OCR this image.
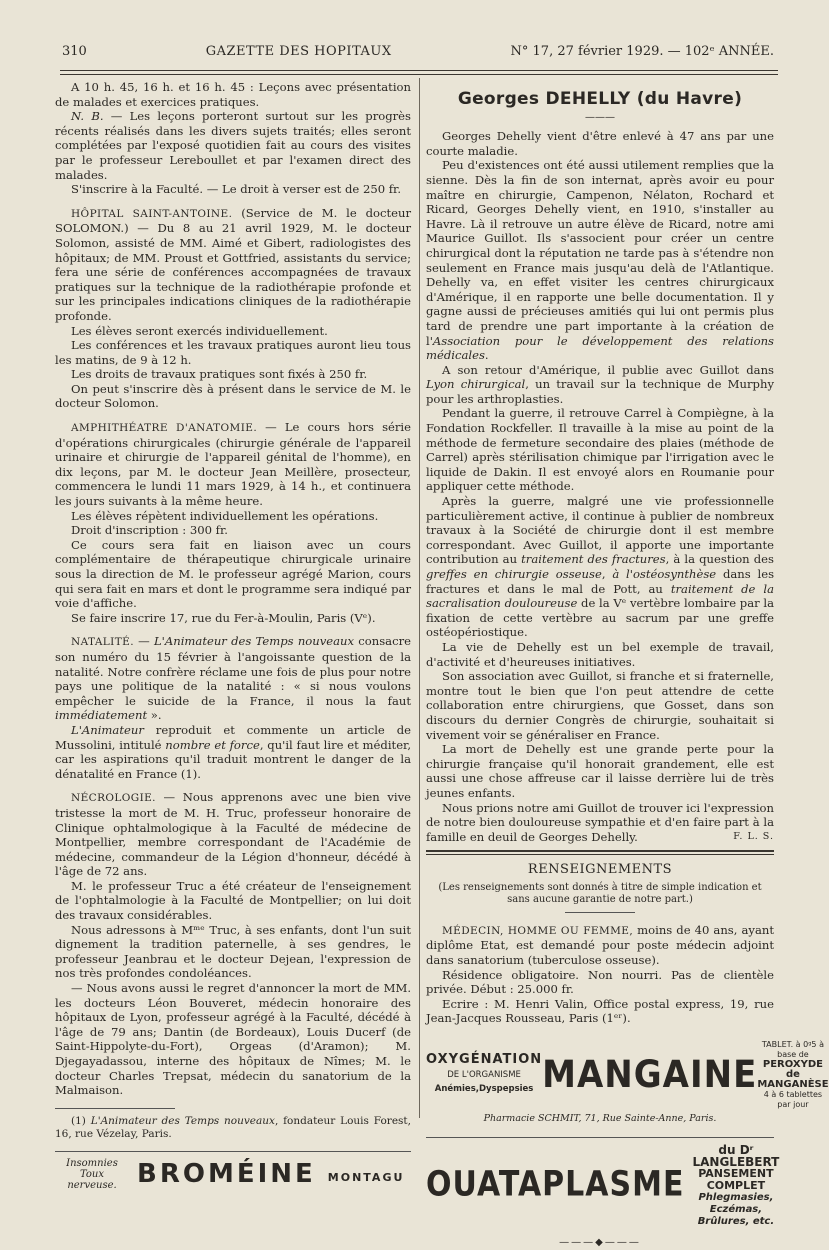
310	GAZETTE DES HOPITAUX	N° 17, 27 février 1929. — 102ᵉ ANNÉE.

A 10 h. 45, 16 h. et 16 h. 45 : Leçons avec présentation de malades et exercices pratiques.

N. B. — Les leçons porteront surtout sur les progrès récents réalisés dans les divers sujets traités; elles seront complétées par l'exposé quotidien fait au cours des visites par le professeur Lereboullet et par l'examen direct des malades.

S'inscrire à la Faculté. — Le droit à verser est de 250 fr.

HÔPITAL SAINT-ANTOINE. (Service de M. le docteur SOLOMON.) — Du 8 au 21 avril 1929, M. le docteur Solomon, assisté de MM. Aimé et Gibert, radiologistes des hôpitaux; de MM. Proust et Gottfried, assistants du service; fera une série de conférences accompagnées de travaux pratiques sur la technique de la radiothérapie profonde et sur les principales indications cliniques de la radiothérapie profonde.

Les élèves seront exercés individuellement.

Les conférences et les travaux pratiques auront lieu tous les matins, de 9 à 12 h.

Les droits de travaux pratiques sont fixés à 250 fr.

On peut s'inscrire dès à présent dans le service de M. le docteur Solomon.

AMPHITHÉATRE D'ANATOMIE. — Le cours hors série d'opérations chirurgicales (chirurgie générale de l'appareil urinaire et chirurgie de l'appareil génital de l'homme), en dix leçons, par M. le docteur Jean Meillère, prosecteur, commencera le lundi 11 mars 1929, à 14 h., et continuera les jours suivants à la même heure.

Les élèves répètent individuellement les opérations.

Droit d'inscription : 300 fr.

Ce cours sera fait en liaison avec un cours complémentaire de thérapeutique chirurgicale urinaire sous la direction de M. le professeur agrégé Marion, cours qui sera fait en mars et dont le programme sera indiqué par voie d'affiche.

Se faire inscrire 17, rue du Fer-à-Moulin, Paris (Vᵉ).

NATALITÉ. — L'Animateur des Temps nouveaux consacre son numéro du 15 février à l'angoissante question de la natalité. Notre confrère réclame une fois de plus pour notre pays une politique de la natalité : « si nous voulons empêcher le suicide de la France, il nous la faut immédiatement ».

L'Animateur reproduit et commente un article de Mussolini, intitulé nombre et force, qu'il faut lire et méditer, car les aspirations qu'il traduit montrent le danger de la dénatalité en France (1).

NÉCROLOGIE. — Nous apprenons avec une bien vive tristesse la mort de M. H. Truc, professeur honoraire de Clinique ophtalmologique à la Faculté de médecine de Montpellier, membre correspondant de l'Académie de médecine, commandeur de la Légion d'honneur, décédé à l'âge de 72 ans.

M. le professeur Truc a été créateur de l'enseignement de l'ophtalmologie à la Faculté de Montpellier; on lui doit des travaux considérables.

Nous adressons à Mᵐᵉ Truc, à ses enfants, dont l'un suit dignement la tradition paternelle, à ses gendres, le professeur Jeanbrau et le docteur Dejean, l'expression de nos très profondes condoléances.

— Nous avons aussi le regret d'annoncer la mort de MM. les docteurs Léon Bouveret, médecin honoraire des hôpitaux de Lyon, professeur agrégé à la Faculté, décédé à l'âge de 79 ans; Dantin (de Bordeaux), Louis Ducerf (de Saint-Hippolyte-du-Fort), Orgeas (d'Aramon); M. Djegayadassou, interne des hôpitaux de Nîmes; M. le docteur Charles Trepsat, médecin du sanatorium de la Malmaison.

(1) L'Animateur des Temps nouveaux, fondateur Louis Forest, 16, rue Vézelay, Paris.

Insomnies Toux nerveuse. BROMÉINE MONTAGU
Georges DEHELLY (du Havre)
———

Georges Dehelly vient d'être enlevé à 47 ans par une courte maladie.

Peu d'existences ont été aussi utilement remplies que la sienne. Dès la fin de son internat, après avoir eu pour maître en chirurgie, Campenon, Nélaton, Rochard et Ricard, Georges Dehelly vient, en 1910, s'installer au Havre. Là il retrouve un autre élève de Ricard, notre ami Maurice Guillot. Ils s'associent pour créer un centre chirurgical dont la réputation ne tarde pas à s'étendre non seulement en France mais jusqu'au delà de l'Atlantique. Dehelly va, en effet visiter les centres chirurgicaux d'Amérique, il en rapporte une belle documentation. Il y gagne aussi de précieuses amitiés qui lui ont permis plus tard de prendre une part importante à la création de l'Association pour le développement des relations médicales.

A son retour d'Amérique, il publie avec Guillot dans Lyon chirurgical, un travail sur la technique de Murphy pour les arthroplasties.

Pendant la guerre, il retrouve Carrel à Compiègne, à la Fondation Rockfeller. Il travaille à la mise au point de la méthode de fermeture secondaire des plaies (méthode de Carrel) après stérilisation chimique par l'irrigation avec le liquide de Dakin. Il est envoyé alors en Roumanie pour appliquer cette méthode.

Après la guerre, malgré une vie professionnelle particulièrement active, il continue à publier de nombreux travaux à la Société de chirurgie dont il est membre correspondant. Avec Guillot, il apporte une importante contribution au traitement des fractures, à la question des greffes en chirurgie osseuse, à l'ostéosynthèse dans les fractures et dans le mal de Pott, au traitement de la sacralisation douloureuse de la Vᵉ vertèbre lombaire par la fixation de cette vertèbre au sacrum par une greffe ostéopériostique.

La vie de Dehelly est un bel exemple de travail, d'activité et d'heureuses initiatives.

Son association avec Guillot, si franche et si fraternelle, montre tout le bien que l'on peut attendre de cette collaboration entre chirurgiens, que Gosset, dans son discours du dernier Congrès de chirurgie, souhaitait si vivement voir se généraliser en France.

La mort de Dehelly est une grande perte pour la chirurgie française qu'il honorait grandement, elle est aussi une chose affreuse car il laisse derrière lui de très jeunes enfants.

Nous prions notre ami Guillot de trouver ici l'expression de notre bien douloureuse sympathie et d'en faire part à la famille en deuil de Georges Dehelly.	F. L. S.

RENSEIGNEMENTS
(Les renseignements sont donnés à titre de simple indication et sans aucune garantie de notre part.)

MÉDECIN, HOMME OU FEMME, moins de 40 ans, ayant diplôme Etat, est demandé pour poste médecin adjoint dans sanatorium (tuberculose osseuse).

Résidence obligatoire. Non nourri. Pas de clientèle privée. Début : 25.000 fr.

Ecrire : M. Henri Valin, Office postal express, 19, rue Jean-Jacques Rousseau, Paris (1ᵉʳ).

OXYGÉNATION
DE L'ORGANISME
Anémies,Dyspepsies MANGAINE
TABLET. à 0ᵍ5 à base de
PEROXYDE de MANGANÈSE
4 à 6 tablettes par jour
Pharmacie SCHMIT, 71, Rue Sainte-Anne, Paris.
OUATAPLASME
du Dʳ LANGLEBERT
PANSEMENT COMPLET
Phlegmasies, Eczémas, Brûlures, etc.
———◆———
